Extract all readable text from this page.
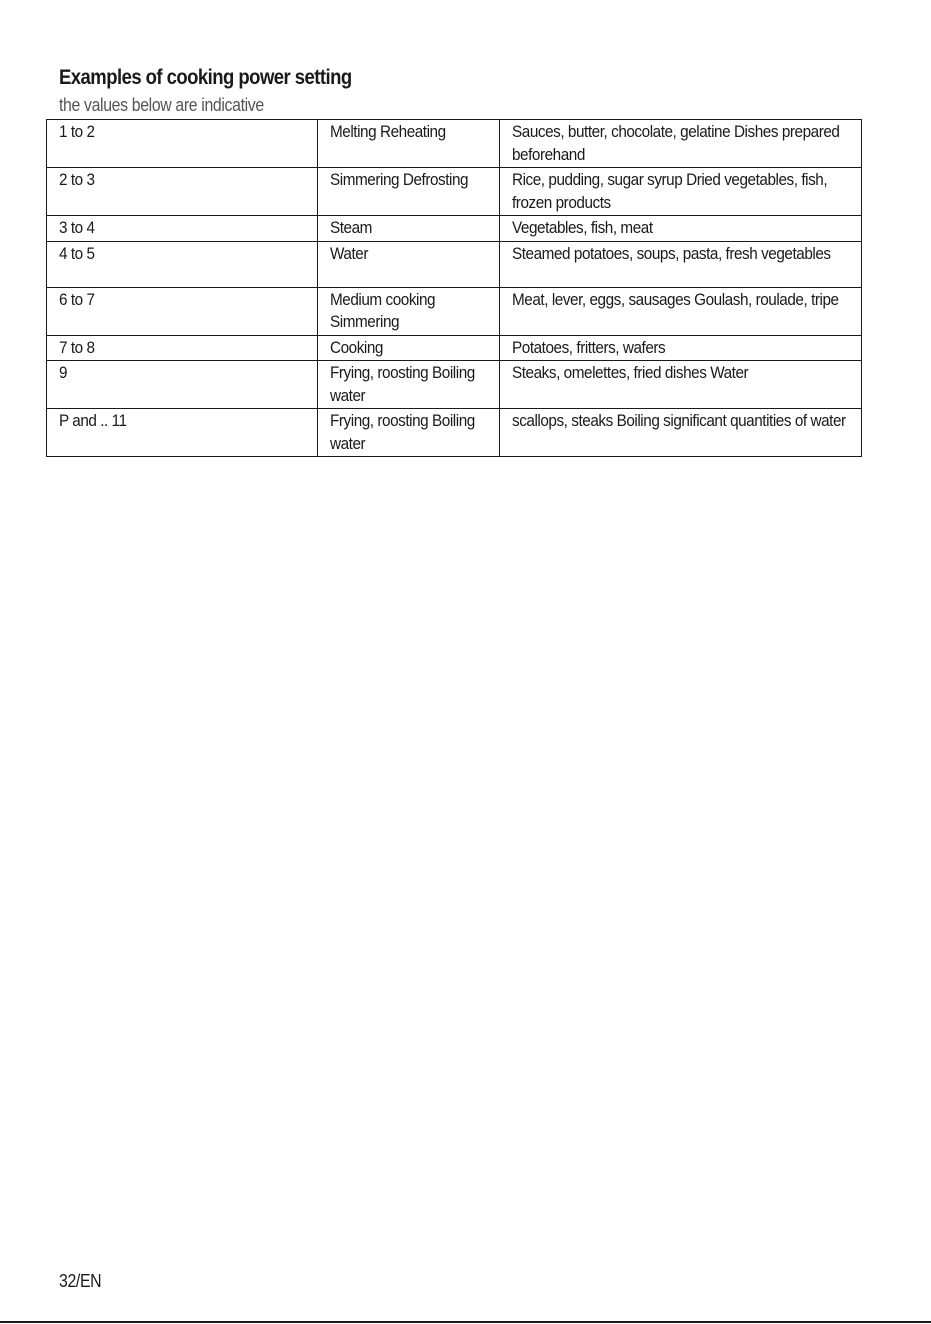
Examples of cooking power setting
the values below are indicative
1 to 2	Melting Reheating	Sauces, butter, chocolate, gelatine Dishes prepared beforehand

2 to 3	Simmering Defrosting	Rice, pudding, sugar syrup Dried vegetables, fish, frozen products

3 to 4	Steam	Vegetables, fish, meat

4 to 5	Water	Steamed potatoes, soups, pasta, fresh vegetables

6 to 7	Medium cooking Simmering	Meat, lever, eggs, sausages Goulash, roulade, tripe

7 to 8	Cooking	Potatoes, fritters, wafers

9	Frying, roosting Boiling water	Steaks, omelettes, fried dishes Water

P and .. 11	Frying, roosting Boiling water	scallops, steaks Boiling significant quantities of water
32/EN
